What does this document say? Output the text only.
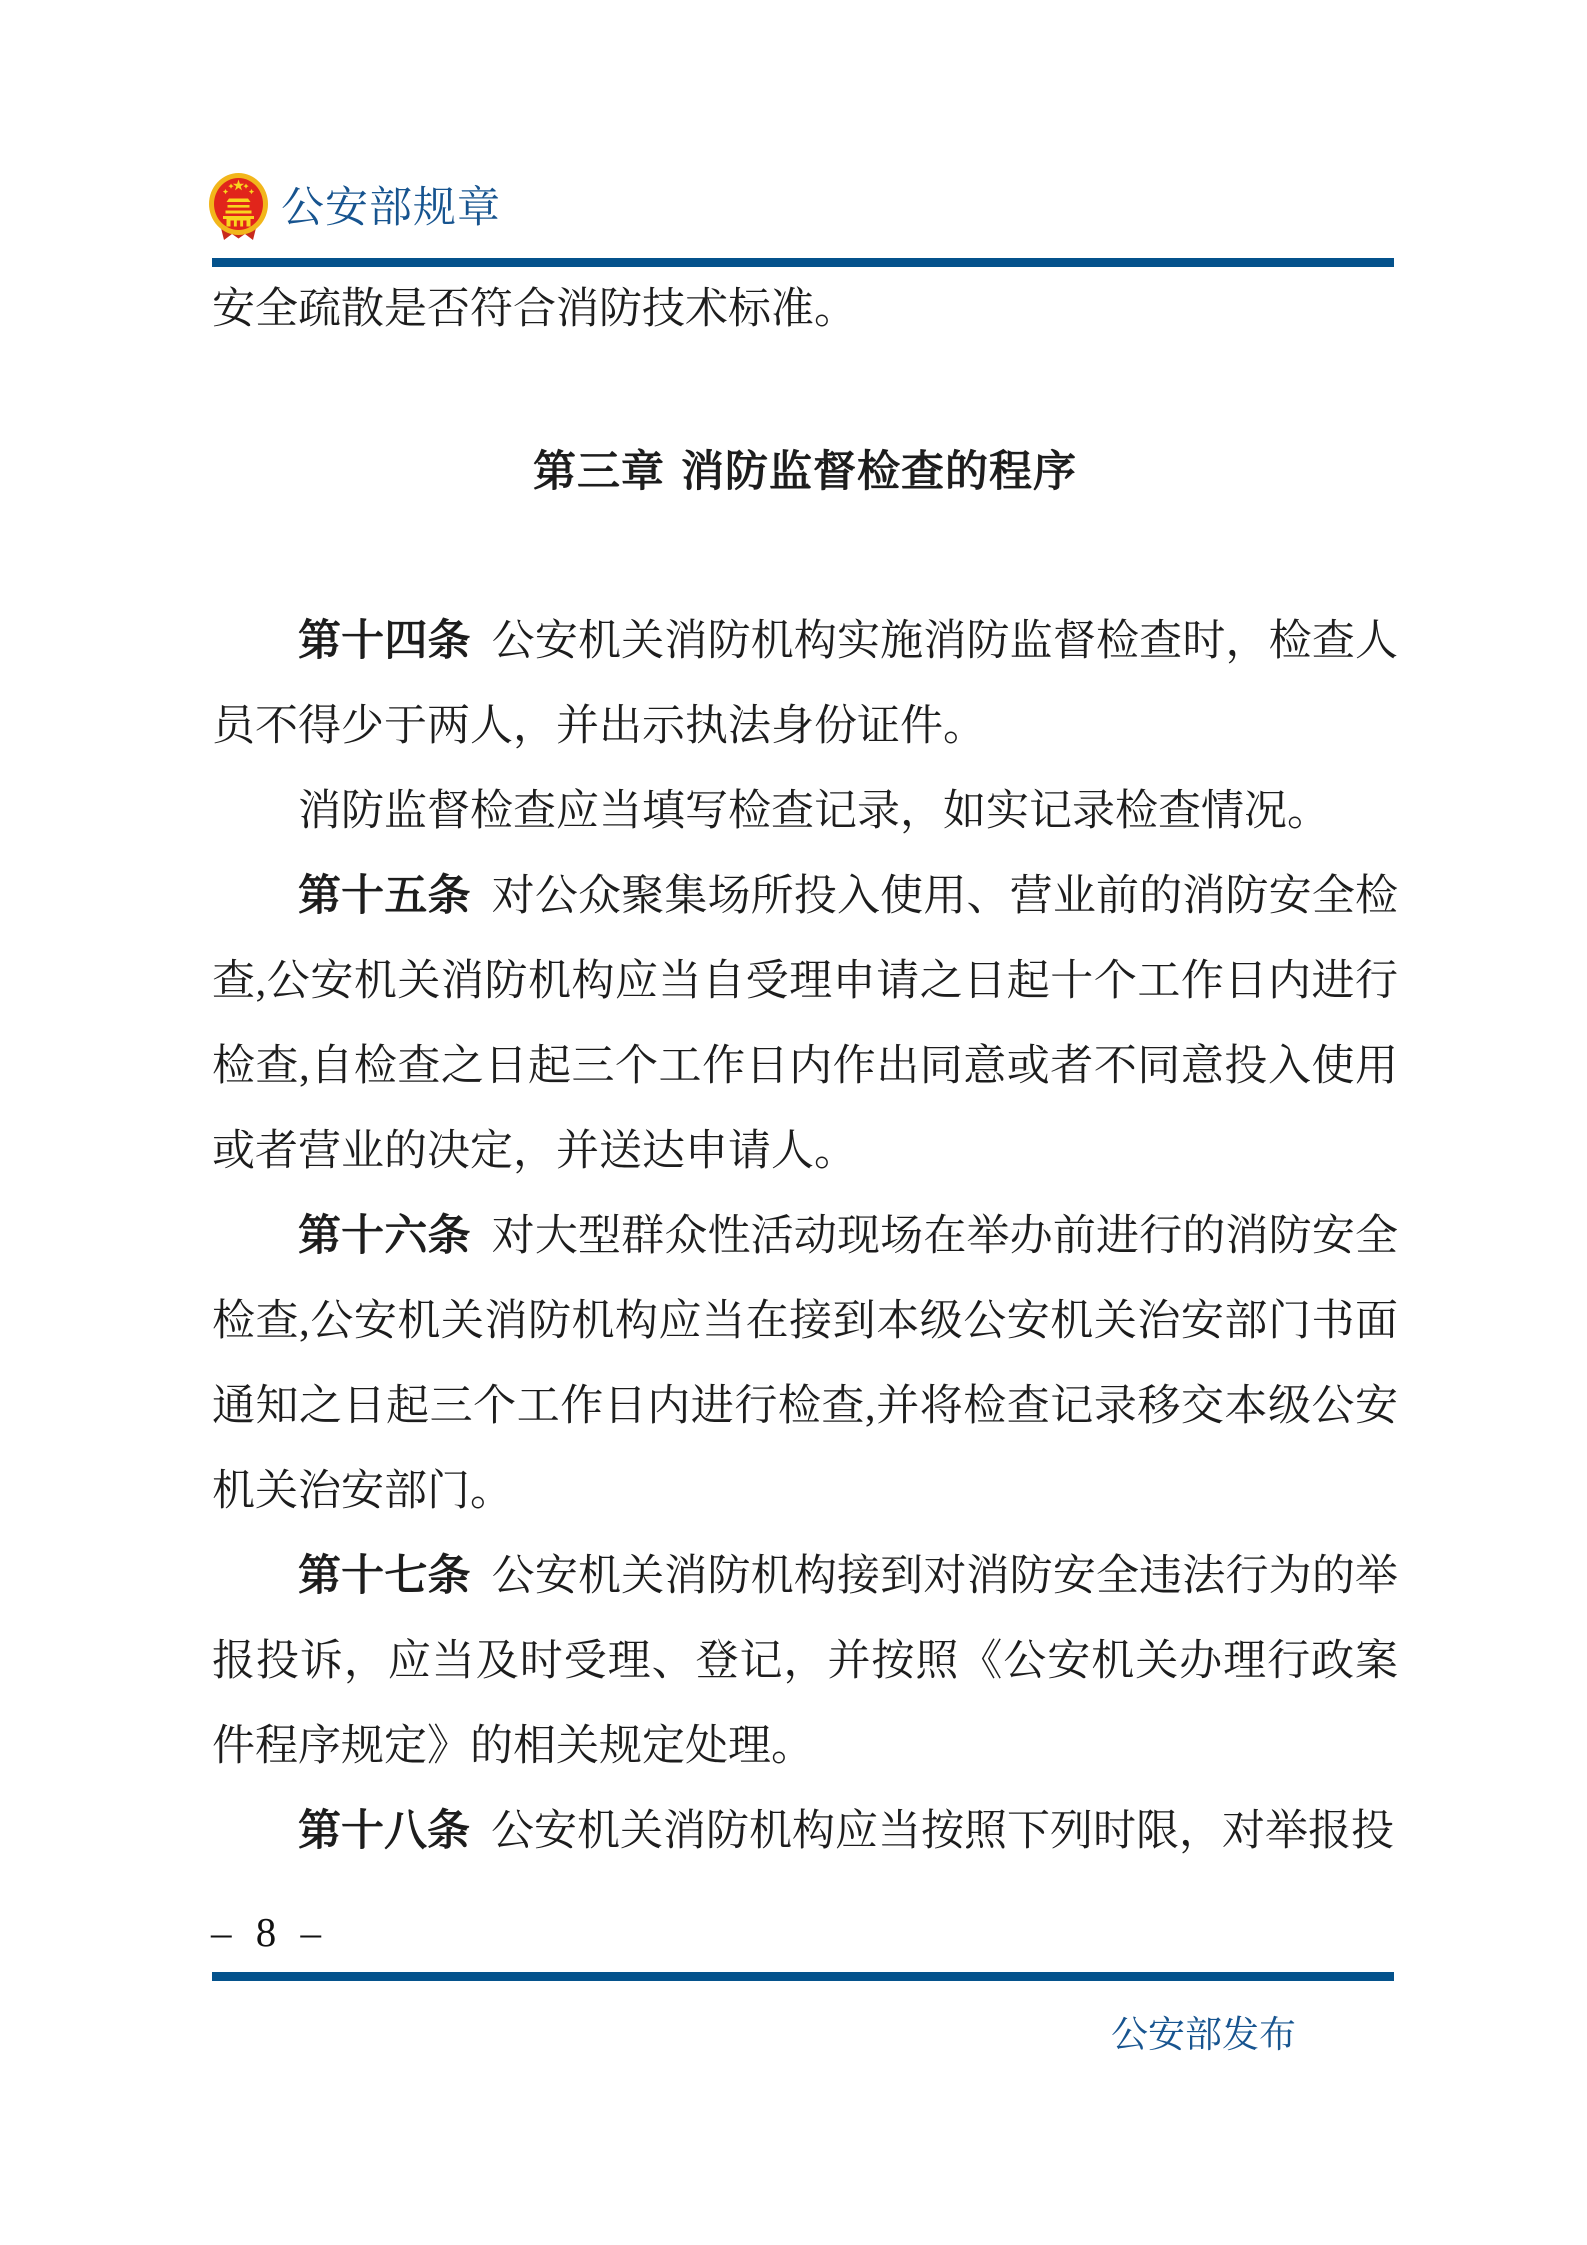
公安部规章

安全疏散是否符合消防技术标准。

第三章 消防监督检查的程序

第十四条 公安机关消防机构实施消防监督检查时，检查人员不得少于两人，并出示执法身份证件。

消防监督检查应当填写检查记录，如实记录检查情况。

第十五条 对公众聚集场所投入使用、营业前的消防安全检查,公安机关消防机构应当自受理申请之日起十个工作日内进行检查,自检查之日起三个工作日内作出同意或者不同意投入使用或者营业的决定，并送达申请人。

第十六条 对大型群众性活动现场在举办前进行的消防安全检查,公安机关消防机构应当在接到本级公安机关治安部门书面通知之日起三个工作日内进行检查,并将检查记录移交本级公安机关治安部门。

第十七条 公安机关消防机构接到对消防安全违法行为的举报投诉，应当及时受理、登记，并按照《公安机关办理行政案件程序规定》的相关规定处理。

第十八条 公安机关消防机构应当按照下列时限，对举报投

– 8 –
公安部发布
